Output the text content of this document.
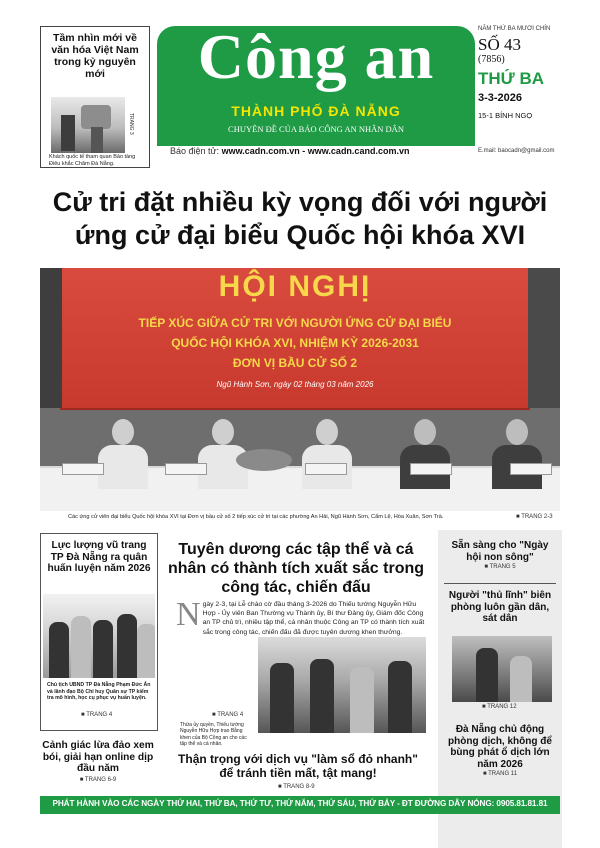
Tầm nhìn mới về văn hóa Việt Nam trong kỷ nguyên mới
TRANG 3
Khách quốc tế tham quan Bảo tàng Điêu khắc Chăm Đà Nẵng.
Công an
THÀNH PHỐ ĐÀ NẴNG
CHUYÊN ĐỀ CỦA BÁO CÔNG AN NHÂN DÂN
Báo điện tử: www.cadn.com.vn - www.cadn.cand.com.vn	E.mail: baocadn@gmail.com
NĂM THỨ BA MƯƠI CHÍN
SỐ 43
(7856)
THỨ BA
3-3-2026
15-1 BÍNH NGỌ
Cử tri đặt nhiều kỳ vọng đối với người
ứng cử đại biểu Quốc hội khóa XVI
HỘI NGHỊ
TIẾP XÚC GIỮA CỬ TRI VỚI NGƯỜI ỨNG CỬ ĐẠI BIỂU
QUỐC HỘI KHÓA XVI, NHIỆM KỲ 2026-2031
ĐƠN VỊ BẦU CỬ SỐ 2
Ngũ Hành Sơn, ngày 02 tháng 03 năm 2026
Các ứng cử viên đại biểu Quốc hội khóa XVI tại Đơn vị bầu cử số 2 tiếp xúc cử tri tại các phường An Hải, Ngũ Hành Sơn, Cẩm Lệ, Hòa Xuân, Sơn Trà.	■ TRANG 2-3
Lực lượng vũ trang TP Đà Nẵng ra quân huấn luyện năm 2026
Chủ tịch UBND TP Đà Nẵng Phạm Đức Ấn và lãnh đạo Bộ Chỉ huy Quân sự TP kiểm tra mô hình, học cụ phục vụ huấn luyện.
■ TRANG 4
Cảnh giác lừa đảo xem bói, giải hạn online dịp đầu năm
■ TRANG 6-9
Tuyên dương các tập thể và cá nhân có thành tích xuất sắc trong công tác, chiến đấu
N gày 2-3, tại Lễ chào cờ đầu tháng 3-2026 do Thiếu tướng Nguyễn Hữu Hợp - Ủy viên Ban Thường vụ Thành ủy, Bí thư Đảng ủy, Giám đốc Công an TP chủ trì, nhiều tập thể, cá nhân thuộc Công an TP có thành tích xuất sắc trong công tác, chiến đấu đã được tuyên dương khen thưởng.
■ TRANG 4
Thừa ủy quyền, Thiếu tướng Nguyễn Hữu Hợp trao Bằng khen của Bộ Công an cho các tập thể và cá nhân.
Thận trọng với dịch vụ "làm sổ đỏ nhanh" để tránh tiền mất, tật mang!
■ TRANG 8-9
Sẵn sàng cho "Ngày hội non sông"
■ TRANG 5
Người "thủ lĩnh" biên phòng luôn gần dân, sát dân
■ TRANG 12
Đà Nẵng chủ động phòng dịch, không để bùng phát ổ dịch lớn năm 2026
■ TRANG 11
PHÁT HÀNH VÀO CÁC NGÀY THỨ HAI, THỨ BA, THỨ TƯ, THỨ NĂM, THỨ SÁU, THỨ BẢY - ĐT ĐƯỜNG DÂY NÓNG: 0905.81.81.81
